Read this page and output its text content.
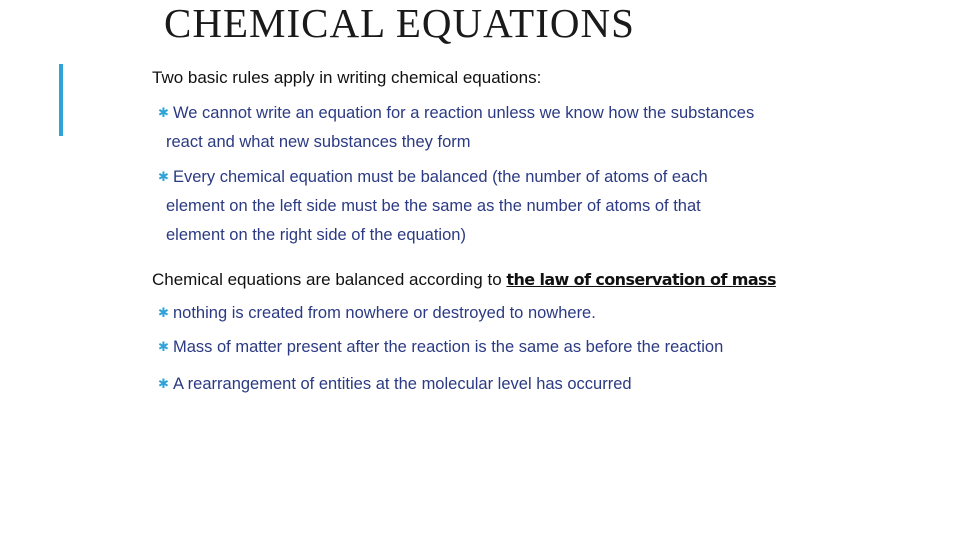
CHEMICAL EQUATIONS
Two basic rules apply in writing chemical equations:
✱ We cannot write an equation for a reaction unless we know how the substances
react and what new substances they form
✱ Every chemical equation must be balanced (the number of atoms of each
element on the left side must be the same as the number of atoms of that
element on the right side of the equation)
Chemical equations are balanced according to the law of conservation of mass
✱ nothing is created from nowhere or destroyed to nowhere.
✱ Mass of matter present after the reaction is the same as before the reaction
✱ A rearrangement of entities at the molecular level has occurred
